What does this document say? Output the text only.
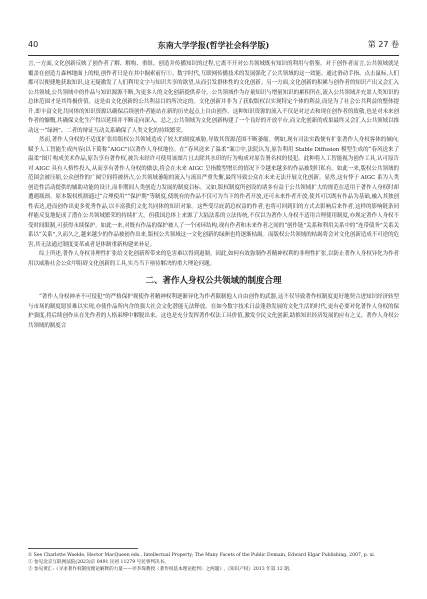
40	东南大学学报(哲学社会科学版)	第 27 卷

言,一方面,文化创新反映了创作者了解、解构、重组、创造并传播知识的过程,它离不开对公共领域既有知识的利用与借鉴。对于创作者而言,公共领域就是覆盖在创造力森林地面上的根,创作者只是在其中掘索前行①。数字时代,互联网传播技术的发展强化了公共领域的这一效能。通过滑动手指、点击鼠标,人们都可以便捷地获取知识,这无疑激发了人们利用文字与知识共享的欲望,从而引发群体性的文化创新。另一方面,文化创新的积累与创作者的知识产出又会汇入公共领域,公共领域中的作品与知识源源不断,为更多人的文化创新提供养分。公共领域作为存量知识与增量知识的累积所在,流入公共领域并充盈人类知识的总体范围才是其终极价值。这是由文化创新的公共利益目的所决定的。文化创新并非为了获取版权以实现特定个体的利益,而是为了社会公共利益的整体提升,即丰富文化共同体的知识资源以确保后续创作者能站在新的历史起点上自由创作。这种知识资源的流入不仅是对过去和现在创作者的致敬,也是对未来创作者的慷慨,其确保文化生产得以延续并不断走向深入。总之,公共领域为文化创新构建了一个良好的开放平台,而文化创新的成果最终又会汇入公共领域以推动这一“绿洲”、二者的辩证互动关系确保了人类文化的持续繁荣。

然而,著作人身权的不适度扩张给版权公共领域造成了较大的制度威胁,导致其资源范围不断萎缩。例如,现有司法实践便有扩张著作人身权客体的倾向,赋予人工智能生成内容(以下简称“AIGC”)以著作人身权地位。在“春风送来了温柔”案②中,法院认为,原告利用 Stable Diffusion 模型生成的“春风送来了温柔”图片构成美术作品,原告享有著作权,被告未经许可使用该图片且去除其水印的行为构成对原告署名权的侵犯。此种将人工智能视为创作工具,认可原告对 AIGC 具有人格性投入,从而享有著作人身权的做法,将会在未来 AIGC 呈指数型增长的情况下令越来越多的作品被划归私有。如此一来,版权公共领域的范围会被压缩,公众创作的广阔空间将被挤占,公共领域萎缩的流入与流出严重失衡,最终导致公众在未来无法开展文化创新。显然,这有悖于 AIGC 系为人类创造性活动提供的辅助功能的设计,而非期间人类创造力发展的制度目标。又如,版权制度所创设的诸多有益于公共领域扩大的规范在适用于著作人身权时却遭遇瓶颈。原本版权机制通过“合理使用”“保护期”等制度,使既有的作品不仅可为当下的作者开放,还可未来作者开放,使其可以既有作品为基础,融入其独创性表达,进而创作出更多优秀作品,以丰富我们文化共同体的知识对象。这些受尽庇荫总权益的作者,也将可回到旧的方式去影响后来作者,这样的影响链条同样能反复地促成了潜在公共领域繁荣的持续扩大。但我国总体上来源了大陆法系的立法传统,不仅以为著作人身权不适用合理使用制度,亦规定著作人身权不受时间限制,可获得永续保护。如此一来,对既有作品的保护被人了一个闭环结构,现有作者和未来作者之间的“创作链”关系和利用关系中的“连带债务”关系关系以“关系”,久而久之,越来越少的作品被创作出来,版权公共领域这一文化创新的绿洲也将逐渐枯竭。而版权公共领域的枯竭将会对文化创新造成不可逆的危害,其无法通过制度变革或者是体制重新构建来补足。

综上所述,著作人身权非理性扩张给文化创新所带来的危害难以得到遏制。因此,如何有效弥制作者精神权利的非理性扩张,以防止著作人身权异化为作者用以威胁社会公众甲阻碍文化创新的工具,实乃当下亟待解决的重大理论问题。

二、著作人身权公共领域的制度合理

“著作人身权神圣不可侵犯”的严格保护观使作者精神权利逐渐异化为作者限制他人自由创作的武器,这不仅导致著作权制度更好地契合进知识经济转型与市场的制度愿景难以实现,亦使作品所内含的强大社会文化潜能无法释放。在如今数字技术日益蓬勃发展的文化生活的时代,更有必要对化著作人身权的保护强度,将后续创作从在先作者的人格束缚中解脱出来。这也是充分发挥著作权法工具价值,激发全民文化创新,助推知识经济发展的应有之义。著作人身权公共领域的制度合

① See Charlotte Waelde, Hector MacQueen eds., Intellectual Property; The Many Facets of the Public Domain, Edward Elgar Publishing, 2007, p. xi.

② 参见北京互联网法院(2023)京 0491 民初 11279 号民事判决书。

③ 参见黄汇:《寻求著作权制度理论解释的力量——评李琛教授〈著作权基本理论批判〉之两题》,《知识产权》2013 年第 12 期。
